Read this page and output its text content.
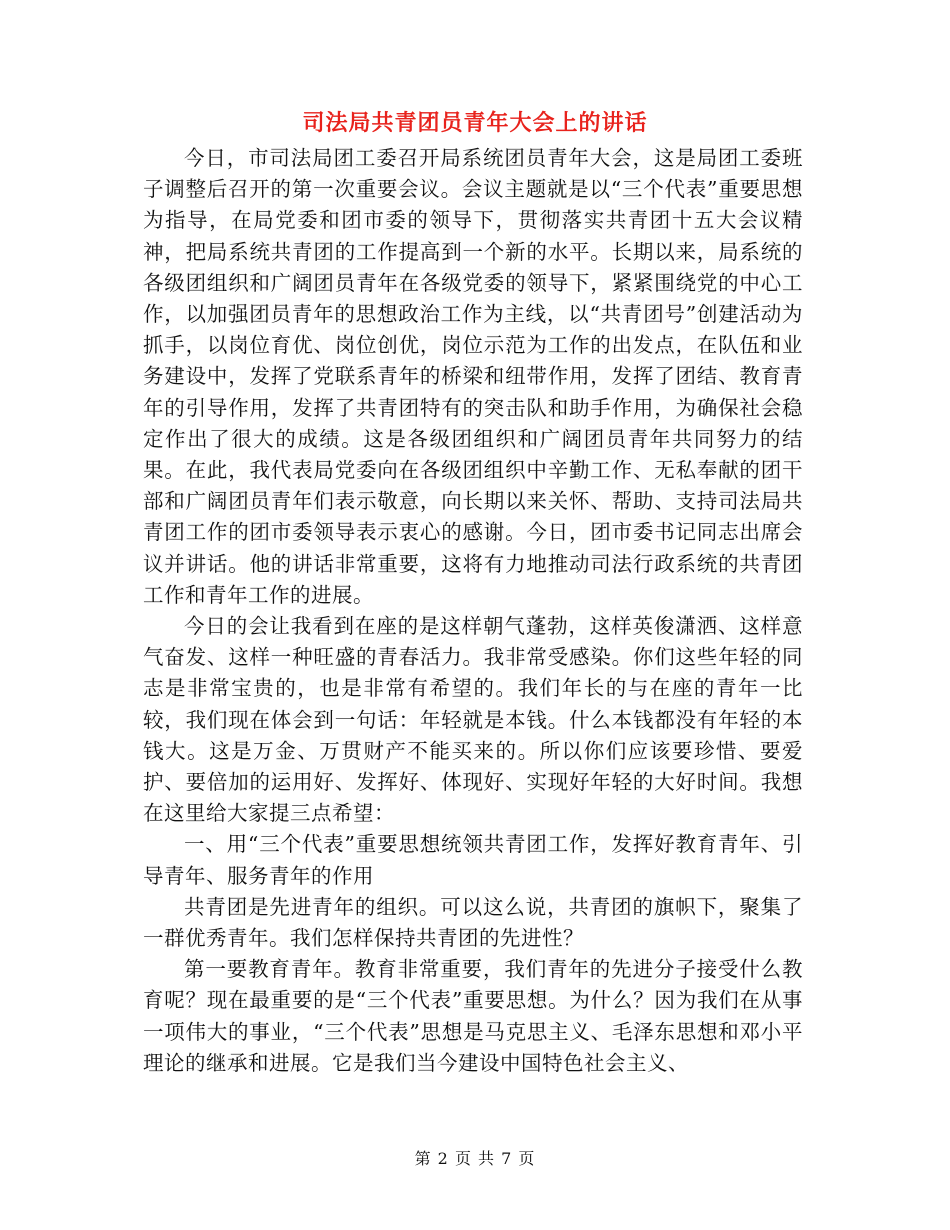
司法局共青团员青年大会上的讲话

今日，市司法局团工委召开局系统团员青年大会，这是局团工委班子调整后召开的第一次重要会议。会议主题就是以“三个代表”重要思想为指导，在局党委和团市委的领导下，贯彻落实共青团十五大会议精神，把局系统共青团的工作提高到一个新的水平。长期以来，局系统的各级团组织和广阔团员青年在各级党委的领导下，紧紧围绕党的中心工作，以加强团员青年的思想政治工作为主线，以“共青团号”创建活动为抓手，以岗位育优、岗位创优，岗位示范为工作的出发点，在队伍和业务建设中，发挥了党联系青年的桥梁和纽带作用，发挥了团结、教育青年的引导作用，发挥了共青团特有的突击队和助手作用，为确保社会稳定作出了很大的成绩。这是各级团组织和广阔团员青年共同努力的结果。在此，我代表局党委向在各级团组织中辛勤工作、无私奉献的团干部和广阔团员青年们表示敬意，向长期以来关怀、帮助、支持司法局共青团工作的团市委领导表示衷心的感谢。今日，团市委书记同志出席会议并讲话。他的讲话非常重要，这将有力地推动司法行政系统的共青团工作和青年工作的进展。

今日的会让我看到在座的是这样朝气蓬勃，这样英俊潇洒、这样意气奋发、这样一种旺盛的青春活力。我非常受感染。你们这些年轻的同志是非常宝贵的，也是非常有希望的。我们年长的与在座的青年一比较，我们现在体会到一句话：年轻就是本钱。什么本钱都没有年轻的本钱大。这是万金、万贯财产不能买来的。所以你们应该要珍惜、要爱护、要倍加的运用好、发挥好、体现好、实现好年轻的大好时间。我想在这里给大家提三点希望：

一、用“三个代表”重要思想统领共青团工作，发挥好教育青年、引导青年、服务青年的作用

共青团是先进青年的组织。可以这么说，共青团的旗帜下，聚集了一群优秀青年。我们怎样保持共青团的先进性？

第一要教育青年。教育非常重要，我们青年的先进分子接受什么教育呢？现在最重要的是“三个代表”重要思想。为什么？因为我们在从事一项伟大的事业，“三个代表”思想是马克思主义、毛泽东思想和邓小平理论的继承和进展。它是我们当今建设中国特色社会主义、

第 2 页 共 7 页
